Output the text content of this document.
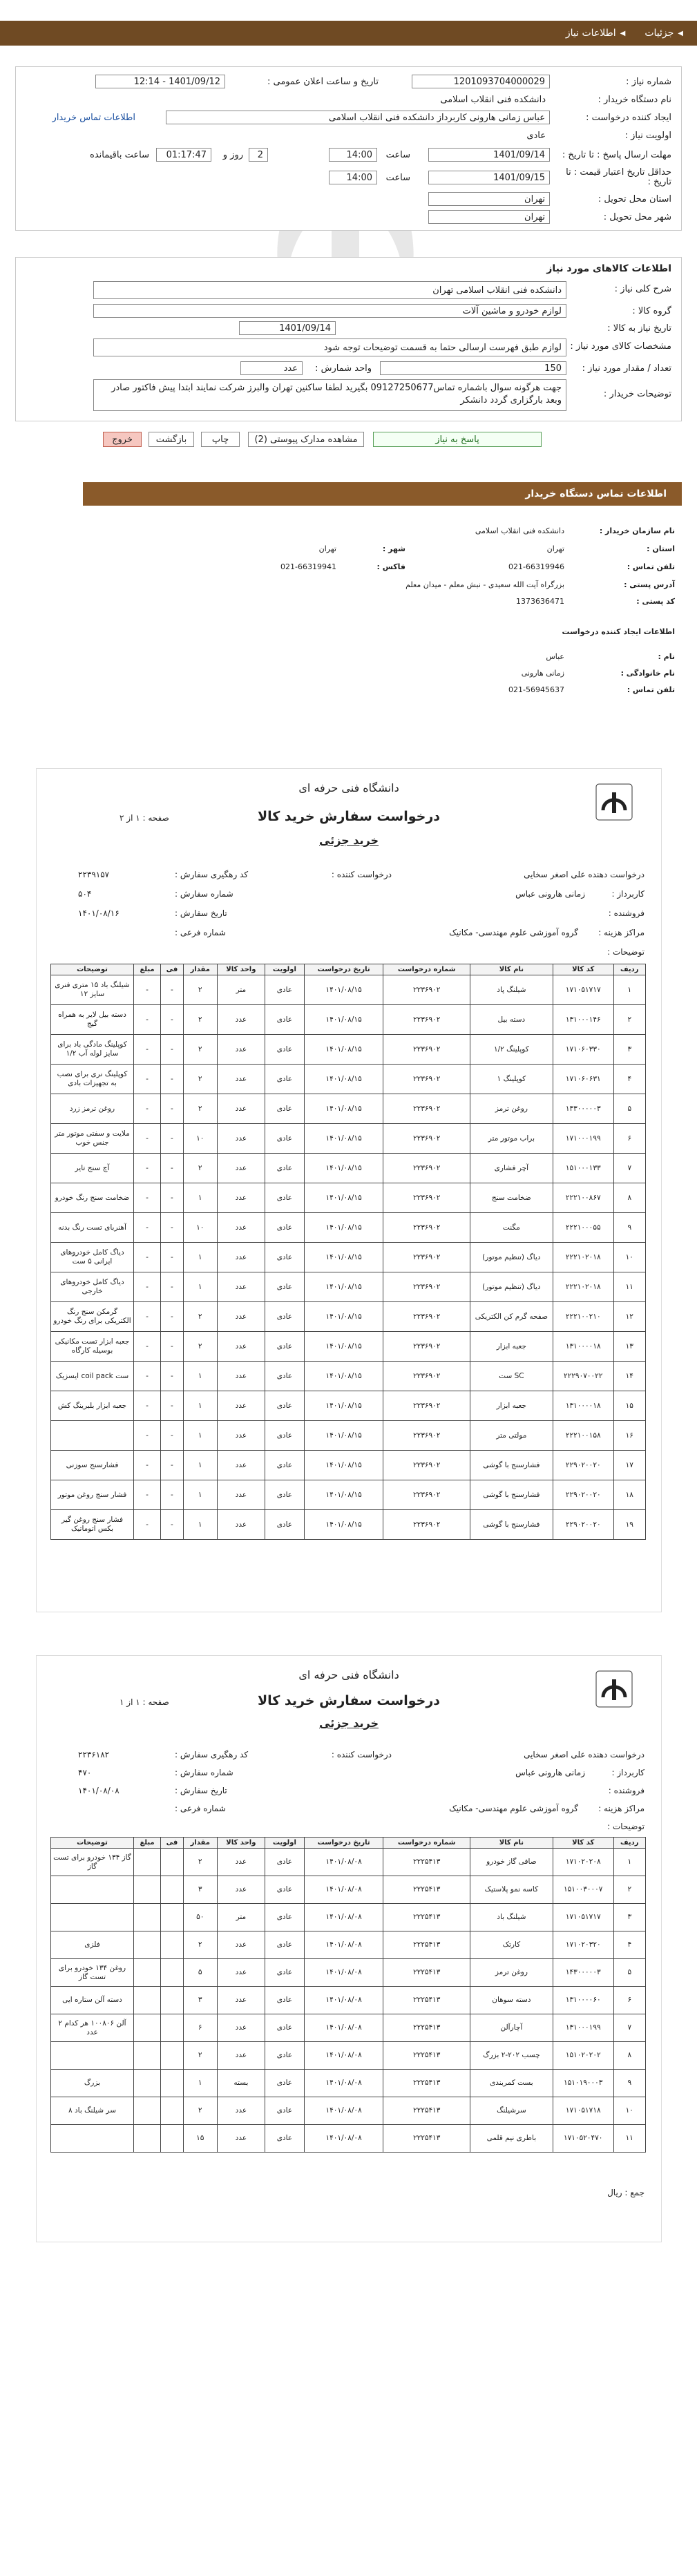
◀
جزئیات
◀
اطلاعات نیاز
شماره نیاز :
1201093704000029
تاریخ و ساعت اعلان عمومی :
1401/09/12 - 12:14
نام دستگاه خریدار :
دانشکده فنی انقلاب اسلامی
ایجاد کننده درخواست :
عباس زمانی هارونی کاربرداز دانشکده فنی انقلاب اسلامی
اطلاعات تماس خریدار
اولویت نیاز :
عادی
مهلت ارسال پاسخ : تا تاریخ :
1401/09/14
ساعت
14:00
2
روز و
01:17:47
ساعت باقیمانده
حداقل تاریخ اعتبار قیمت : تا تاریخ :
1401/09/15
ساعت
14:00
استان محل تحویل :
تهران
شهر محل تحویل :
تهران
اطلاعات کالاهای مورد نیاز
شرح کلی نیاز :
دانشکده فنی انقلاب اسلامی تهران
گروه کالا :
لوازم خودرو و ماشین آلات
تاریخ نیاز به کالا :
1401/09/14
مشخصات کالای مورد نیاز :
لوازم طبق فهرست ارسالی حتما به قسمت توضیحات توجه شود
تعداد / مقدار مورد نیاز :
150
واحد شمارش :
عدد
توضیحات خریدار :
جهت هرگونه سوال باشماره تماس09127250677 بگیرید لطفا ساکنین تهران والبرز شرکت نمایند ابتدا پیش فاکتور صادر وبعد بارگزاری گردد دانشکر
پاسخ به نیاز
مشاهده مدارک پیوستی (2)
چاپ
بازگشت
خروج
اطلاعات تماس دستگاه خریدار
نام سازمان خریدار :
دانشکده فنی انقلاب اسلامی
استان :
تهران
شهر :
تهران
تلفن تماس :
021-66319946
فاکس :
021-66319941
آدرس پستی :
بزرگراه آیت الله سعیدی - نبش معلم - میدان معلم
کد پستی :
1373636471
اطلاعات ایجاد کننده درخواست
نام :
عباس
نام خانوادگی :
زمانی هارونی
تلفن تماس :
021-56945637
دانشگاه فنی حرفه ای
درخواست سفارش خرید کالا
خرید جزئی
صفحه : ۱ از ۲
درخواست دهنده علی اصغر سخایی
درخواست کننده :
کاربرداز :
زمانی هارونی عباس
فروشنده :
مراکز هزینه :
گروه آموزشی علوم مهندسی- مکانیک
توضیحات :
کد رهگیری سفارش :
۲۲۳۹۱۵۷
شماره سفارش :
۵۰۴
تاریخ سفارش :
۱۴۰۱/۰۸/۱۶
شماره فرعی :
ردیف	کد کالا	نام کالا	شماره درخواست	تاریخ درخواست	اولویت	واحد کالا	مقدار	فی	مبلغ	توضیحات
۱	۱۷۱۰۵۱۷۱۷	شیلنگ پاد	۲۲۳۶۹۰۲	۱۴۰۱/۰۸/۱۵	عادی	متر	۲	-	-	شیلنگ باد ۱۵ متری فنری سایز ۱۲
۲	۱۳۱۰۰۰۱۴۶	دسته بیل	۲۲۳۶۹۰۲	۱۴۰۱/۰۸/۱۵	عادی	عدد	۲	-	-	دسته بیل لایر به همراه گیج
۳	۱۷۱۰۶۰۳۳۰	کوپلینگ ۱/۲	۲۲۳۶۹۰۲	۱۴۰۱/۰۸/۱۵	عادی	عدد	۲	-	-	کوپلینگ مادگی باد برای سایز لوله آب ۱/۲
۴	۱۷۱۰۶۰۶۳۱	کوپلینگ ۱	۲۲۳۶۹۰۲	۱۴۰۱/۰۸/۱۵	عادی	عدد	۲	-	-	کوپلینگ نری برای نصب به تجهیزات بادی
۵	۱۴۳۰۰۰۰۰۳	روغن ترمز	۲۲۳۶۹۰۲	۱۴۰۱/۰۸/۱۵	عادی	عدد	۲	-	-	روغن ترمز زرد
۶	۱۷۱۰۰۰۱۹۹	براب موتور متر	۲۲۳۶۹۰۲	۱۴۰۱/۰۸/۱۵	عادی	عدد	۱۰	-	-	ملایت و سفتی موتور متر جنس خوب
۷	۱۵۱۰۰۰۱۳۳	آچر فشاری	۲۲۳۶۹۰۲	۱۴۰۱/۰۸/۱۵	عادی	عدد	۲	-	-	آچ سنج تایر
۸	۲۲۲۱۰۰۸۶۷	ضخامت سنج	۲۲۳۶۹۰۲	۱۴۰۱/۰۸/۱۵	عادی	عدد	۱	-	-	ضخامت سنج رنگ خودرو
۹	۲۲۲۱۰۰۰۵۵	مگنت	۲۲۳۶۹۰۲	۱۴۰۱/۰۸/۱۵	عادی	عدد	۱۰	-	-	آهنربای تست رنگ بدنه
۱۰	۲۲۲۱۰۲۰۱۸	دیاگ (تنظیم موتور)	۲۲۳۶۹۰۲	۱۴۰۱/۰۸/۱۵	عادی	عدد	۱	-	-	دیاگ کامل خودروهای ایرانی ۵ ست
۱۱	۲۲۲۱۰۲۰۱۸	دیاگ (تنظیم موتور)	۲۲۳۶۹۰۲	۱۴۰۱/۰۸/۱۵	عادی	عدد	۱	-	-	دیاگ کامل خودروهای خارجی
۱۲	۲۲۲۱۰۰۲۱۰	صفحه گرم کن الکتریکی	۲۲۳۶۹۰۲	۱۴۰۱/۰۸/۱۵	عادی	عدد	۲	-	-	گرمکن سنج رنگ الکتریکی برای رنگ خودرو
۱۳	۱۳۱۰۰۰۰۱۸	جعبه ابزار	۲۲۳۶۹۰۲	۱۴۰۱/۰۸/۱۵	عادی	عدد	۲	-	-	جعبه ابزار تست مکانیکی بوسیله کارگاه
۱۴	۲۲۲۹۰۷۰۰۲۲	SC ست	۲۲۳۶۹۰۲	۱۴۰۱/۰۸/۱۵	عادی	عدد	۱	-	-	ست coil pack ایسزیک
۱۵	۱۳۱۰۰۰۰۱۸	جعبه ابزار	۲۲۳۶۹۰۲	۱۴۰۱/۰۸/۱۵	عادی	عدد	۱	-	-	جعبه ابزار بلبرینگ کش
۱۶	۲۲۲۱۰۰۱۵۸	مولتی متر	۲۲۳۶۹۰۲	۱۴۰۱/۰۸/۱۵	عادی	عدد	۱	-	-	
۱۷	۲۲۹۰۲۰۰۲۰	فشارسنج با گوشی	۲۲۳۶۹۰۲	۱۴۰۱/۰۸/۱۵	عادی	عدد	۱	-	-	فشارسنج سوزنی
۱۸	۲۲۹۰۲۰۰۲۰	فشارسنج با گوشی	۲۲۳۶۹۰۲	۱۴۰۱/۰۸/۱۵	عادی	عدد	۱	-	-	فشار سنج روغن موتور
۱۹	۲۲۹۰۲۰۰۲۰	فشارسنج با گوشی	۲۲۳۶۹۰۲	۱۴۰۱/۰۸/۱۵	عادی	عدد	۱	-	-	فشار سنج روغن گیر بکس اتوماتیک
دانشگاه فنی حرفه ای
درخواست سفارش خرید کالا
خرید جزئی
صفحه : ۱ از ۱
درخواست دهنده علی اصغر سخایی
درخواست کننده :
کاربرداز :
زمانی هارونی عباس
فروشنده :
مراکز هزینه :
گروه آموزشی علوم مهندسی- مکانیک
توضیحات :
کد رهگیری سفارش :
۲۲۳۶۱۸۲
شماره سفارش :
۴۷۰
تاریخ سفارش :
۱۴۰۱/۰۸/۰۸
شماره فرعی :
ردیف	کد کالا	نام کالا	شماره درخواست	تاریخ درخواست	اولویت	واحد کالا	مقدار	فی	مبلغ	توضیحات
۱	۱۷۱۰۲۰۲۰۸	صافی گاز خودرو	۲۲۲۵۴۱۳	۱۴۰۱/۰۸/۰۸	عادی	عدد	۲			گاز ۱۳۴ خودرو برای تست گاز
۲	۱۵۱۰۰۳۰۰۰۷	کاسه نمو پلاستیک	۲۲۲۵۴۱۳	۱۴۰۱/۰۸/۰۸	عادی	عدد	۳			
۳	۱۷۱۰۵۱۷۱۷	شیلنگ باد	۲۲۲۵۴۱۳	۱۴۰۱/۰۸/۰۸	عادی	متر	۵۰			
۴	۱۷۱۰۲۰۳۲۰	کارتک	۲۲۲۵۴۱۳	۱۴۰۱/۰۸/۰۸	عادی	عدد	۲			فلزی
۵	۱۴۳۰۰۰۰۰۳	روغن ترمز	۲۲۲۵۴۱۳	۱۴۰۱/۰۸/۰۸	عادی	عدد	۵			روغن ۱۳۴ خودرو برای تست گاز
۶	۱۳۱۰۰۰۰۶۰	دسته سوهان	۲۲۲۵۴۱۳	۱۴۰۱/۰۸/۰۸	عادی	عدد	۳			دسته آلن ستاره ایی
۷	۱۳۱۰۰۰۱۹۹	آچارآلن	۲۲۲۵۴۱۳	۱۴۰۱/۰۸/۰۸	عادی	عدد	۶			آلن ۱۰۰۸۰۶ هر کدام ۲ عدد
۸	۱۵۱۰۲۰۲۰۲	چسب ۲۰۲-۲ بزرگ	۲۲۲۵۴۱۳	۱۴۰۱/۰۸/۰۸	عادی	عدد	۲			
۹	۱۵۱۰۱۹۰۰۰۳	بست کمربندی	۲۲۲۵۴۱۳	۱۴۰۱/۰۸/۰۸	عادی	بسته	۱			بزرگ
۱۰	۱۷۱۰۵۱۷۱۸	سرشیلنگ	۲۲۲۵۴۱۳	۱۴۰۱/۰۸/۰۸	عادی	عدد	۲			سر شیلنگ باد ۸
۱۱	۱۷۱۰۵۲۰۴۷۰	باطری نیم قلمی	۲۲۲۵۴۱۳	۱۴۰۱/۰۸/۰۸	عادی	عدد	۱۵			
جمع : ریال
